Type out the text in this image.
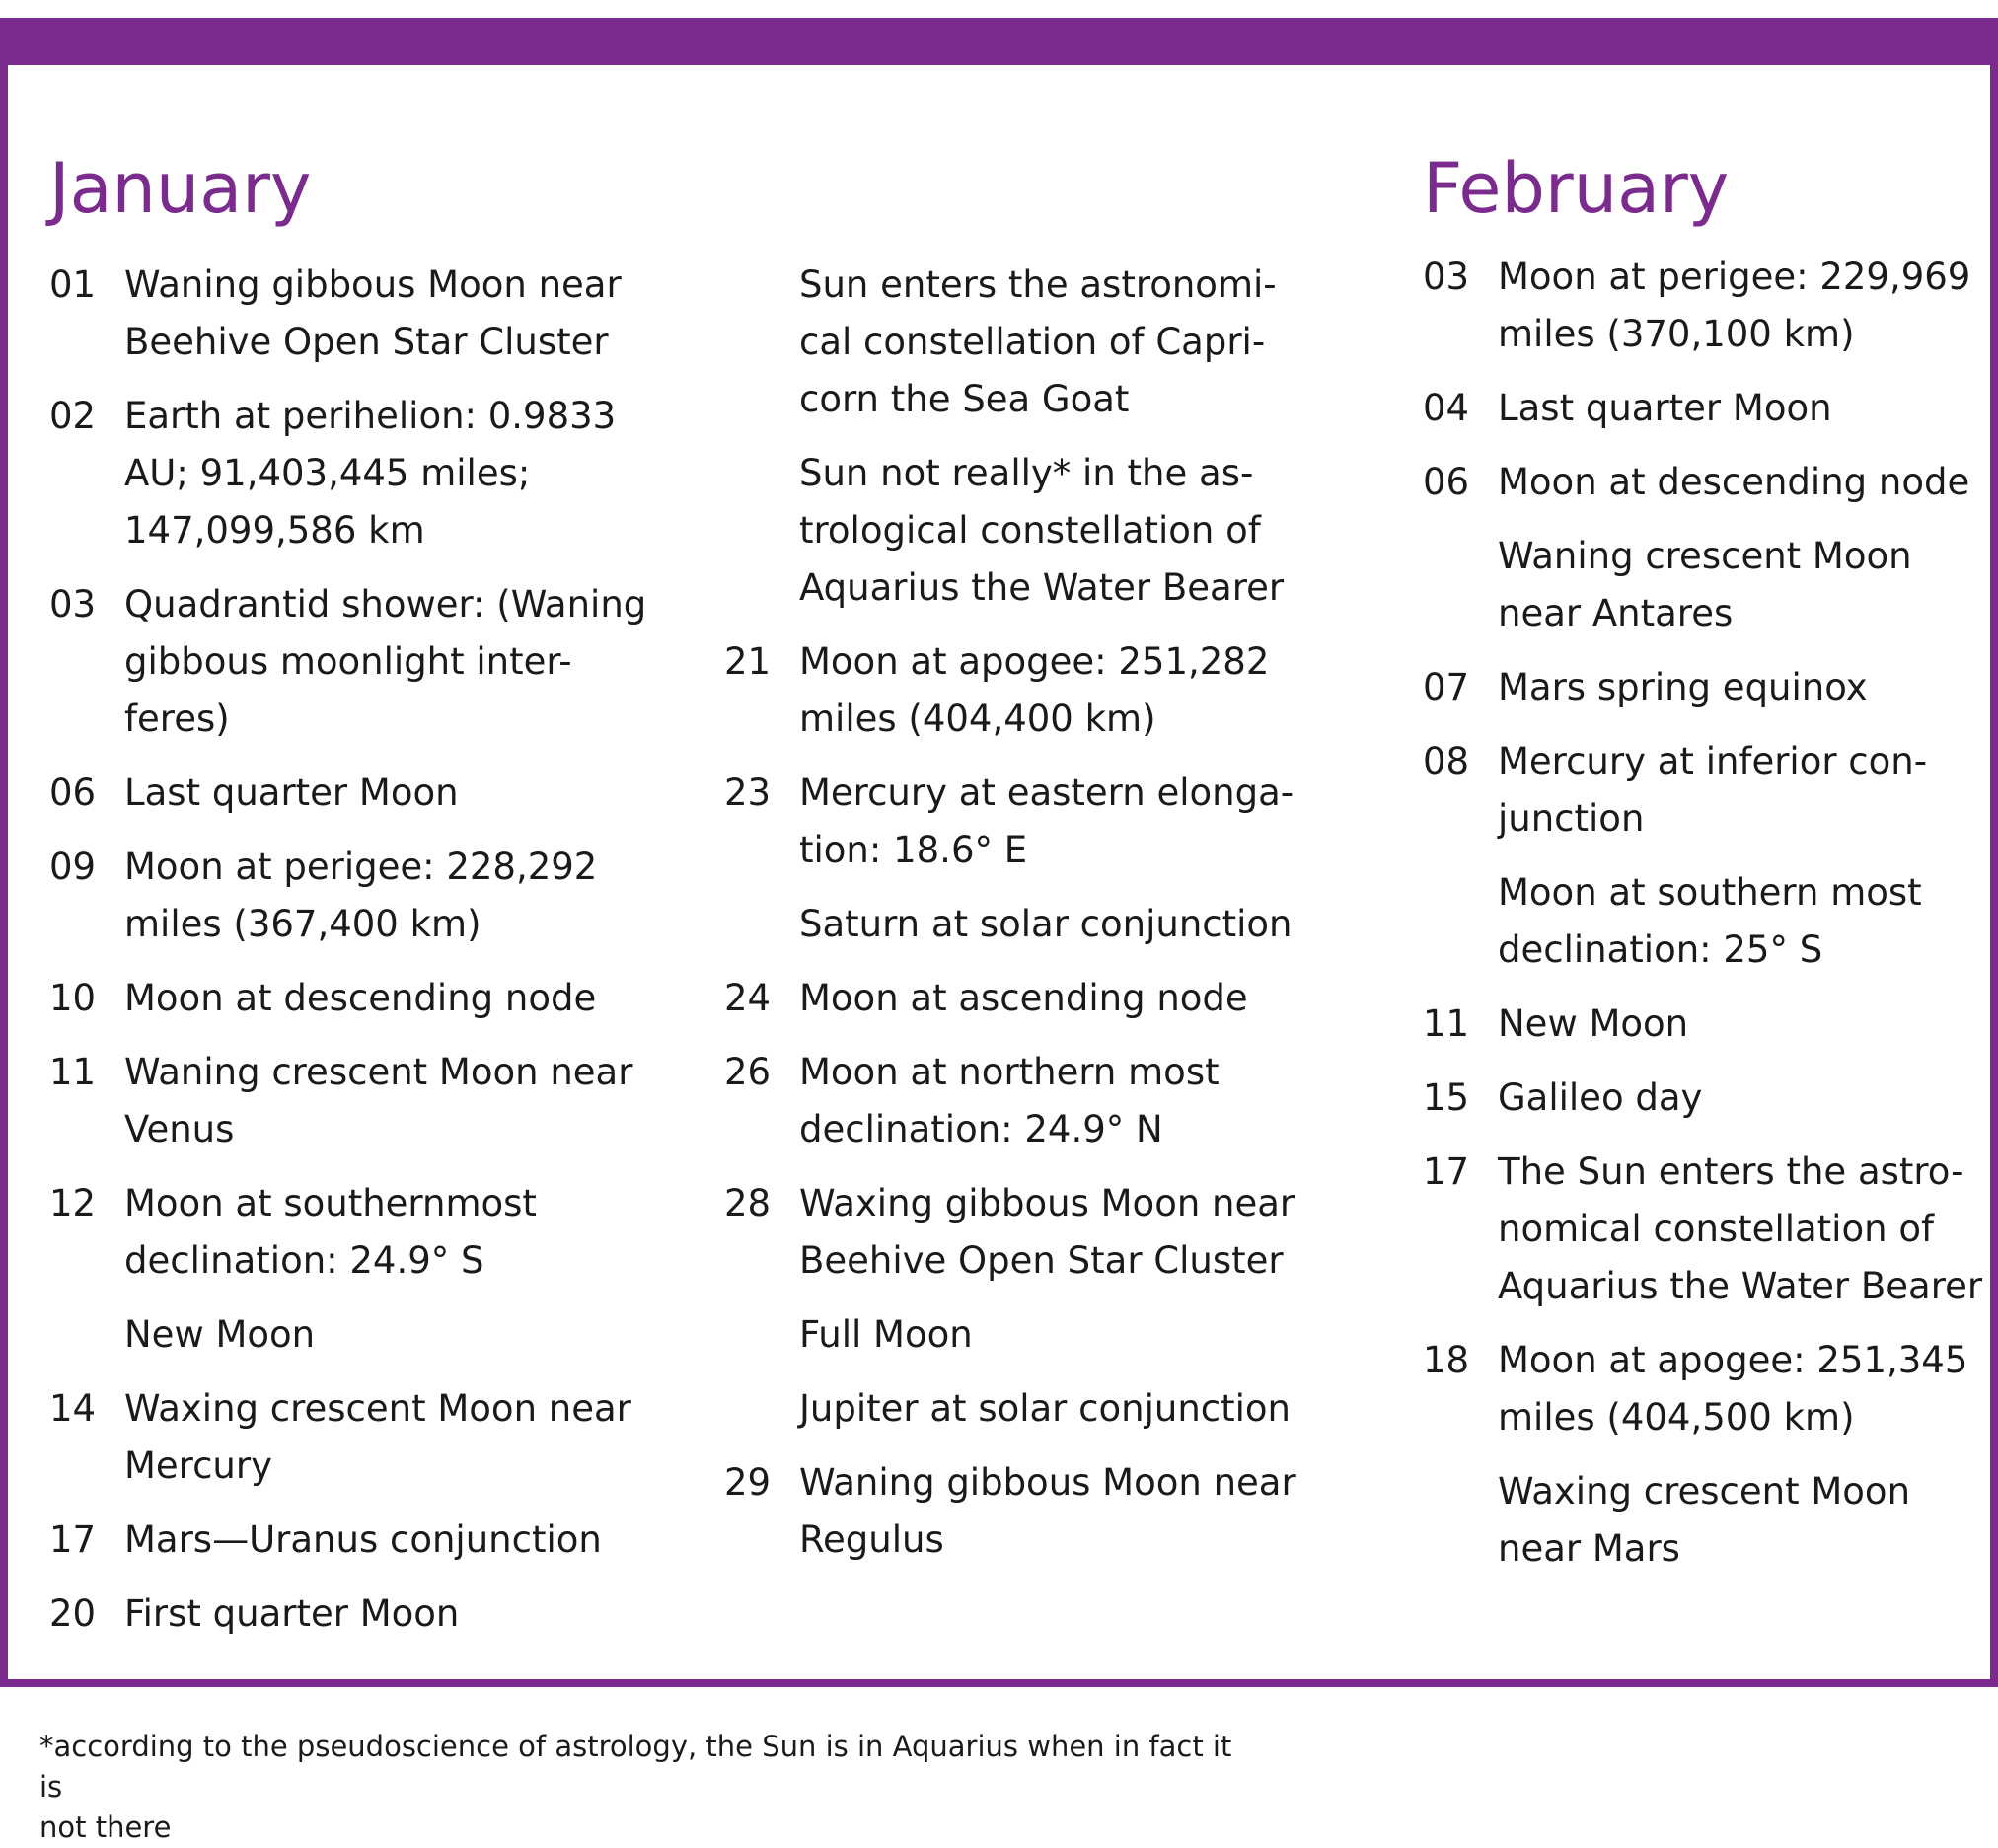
January
01 Waning gibbous Moon near
Beehive Open Star Cluster
02 Earth at perihelion: 0.9833
AU; 91,403,445 miles;
147,099,586 km
03 Quadrantid shower: (Waning
gibbous moonlight inter-
feres)
06 Last quarter Moon
09 Moon at perigee: 228,292
miles (367,400 km)
10 Moon at descending node
11 Waning crescent Moon near
Venus
12 Moon at southernmost
declination: 24.9° S
New Moon
14 Waxing crescent Moon near
Mercury
17 Mars—Uranus conjunction
20 First quarter Moon
Sun enters the astronomi-
cal constellation of Capri-
corn the Sea Goat
Sun not really* in the as-
trological constellation of
Aquarius the Water Bearer
21 Moon at apogee: 251,282
miles (404,400 km)
23 Mercury at eastern elonga-
tion: 18.6° E
Saturn at solar conjunction
24 Moon at ascending node
26 Moon at northern most
declination: 24.9° N
28 Waxing gibbous Moon near
Beehive Open Star Cluster
Full Moon
Jupiter at solar conjunction
29 Waning gibbous Moon near
Regulus
February
03 Moon at perigee: 229,969
miles (370,100 km)
04 Last quarter Moon
06 Moon at descending node
Waning crescent Moon
near Antares
07 Mars spring equinox
08 Mercury at inferior con-
junction
Moon at southern most
declination: 25° S
11 New Moon
15 Galileo day
17 The Sun enters the astro-
nomical constellation of
Aquarius the Water Bearer
18 Moon at apogee: 251,345
miles (404,500 km)
Waxing crescent Moon
near Mars
*according to the pseudoscience of astrology, the Sun is in Aquarius when in fact it is
not there
